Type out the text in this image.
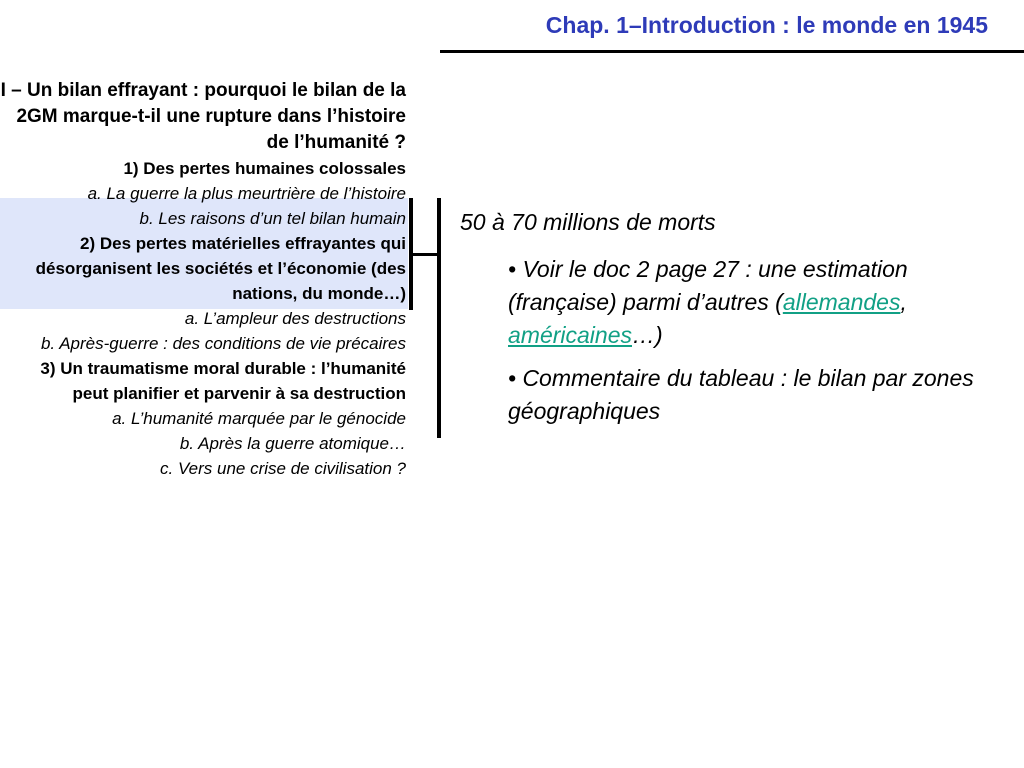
Chap. 1–Introduction : le monde en 1945
I – Un bilan effrayant : pourquoi le bilan de la 2GM marque-t-il une rupture dans l’histoire de l’humanité ?
1) Des pertes humaines colossales
a. La guerre la plus meurtrière de l’histoire
b. Les raisons d’un tel bilan humain
2) Des pertes matérielles effrayantes qui désorganisent les sociétés et l’économie (des nations, du monde…)
a. L’ampleur des destructions
b. Après-guerre : des conditions de vie précaires
3) Un traumatisme moral durable : l’humanité peut planifier et parvenir à sa destruction
a. L’humanité marquée par le génocide
b. Après la guerre atomique…
c. Vers une crise de civilisation ?
50 à 70 millions de morts
• Voir le doc 2 page 27 : une estimation (française) parmi d’autres (allemandes, américaines…)
• Commentaire du tableau : le bilan par zones géographiques
